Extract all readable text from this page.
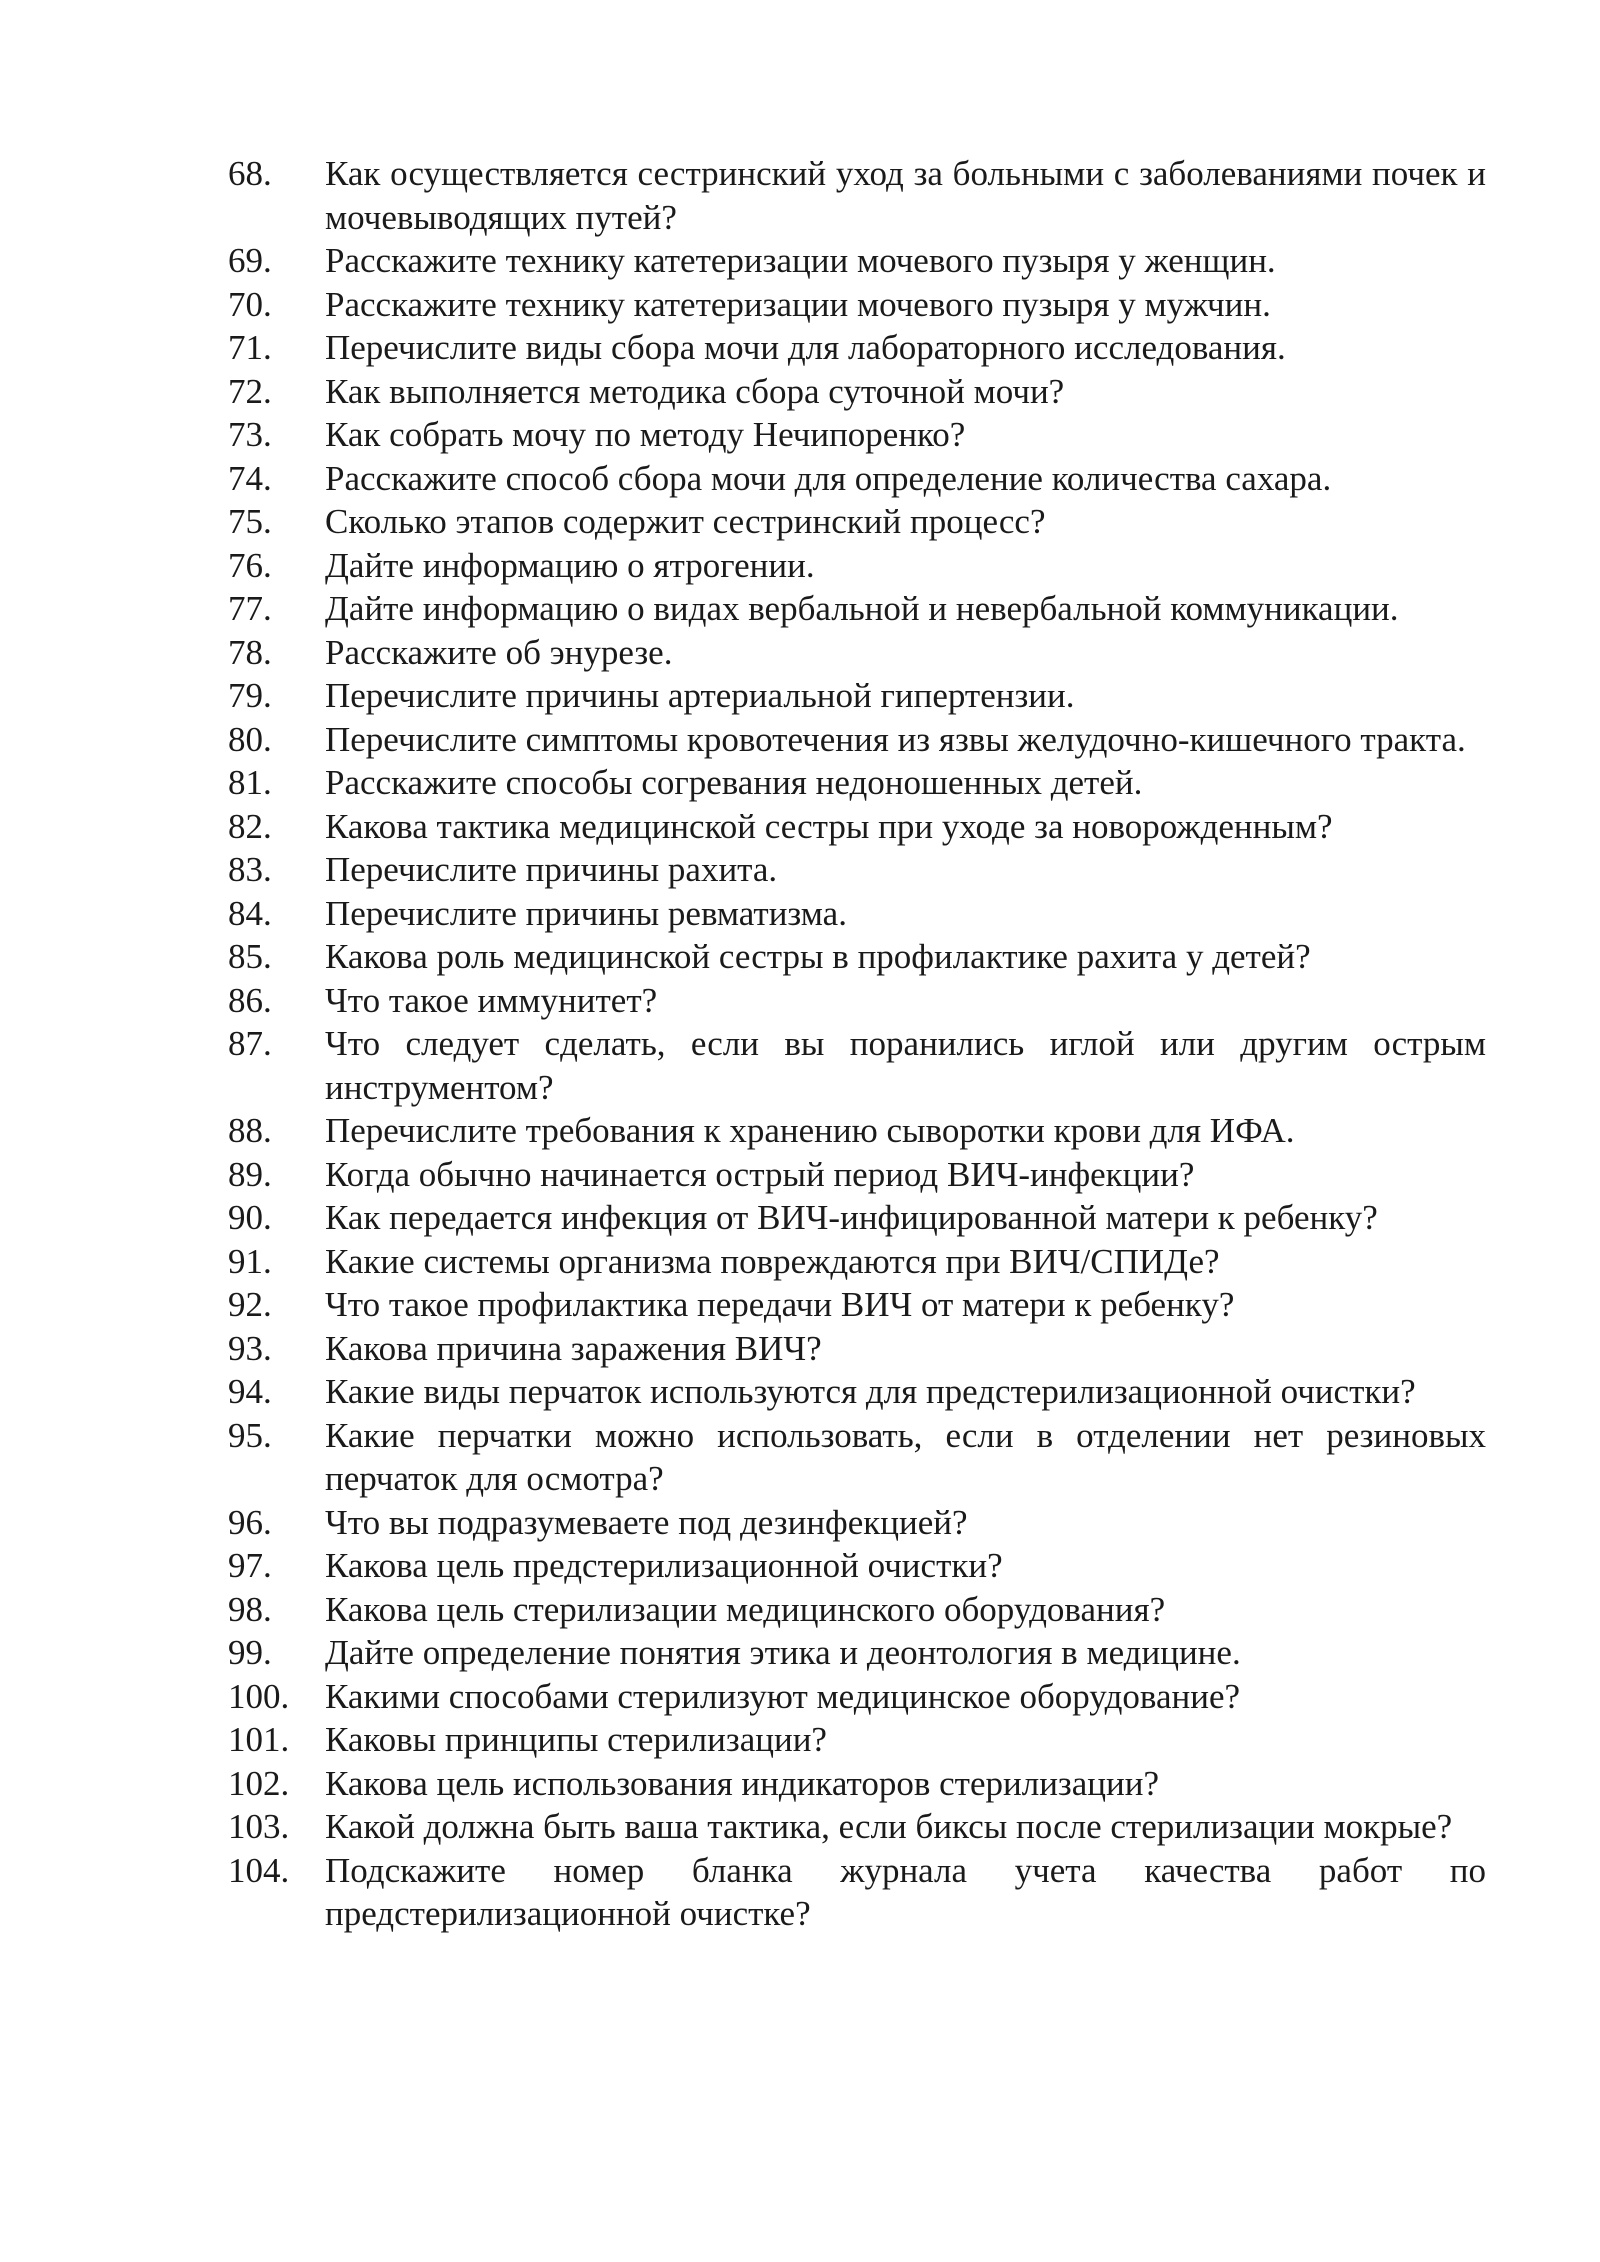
68.	Как осуществляется сестринский уход за больными с заболеваниями почек и мочевыводящих путей?
69.	Расскажите технику катетеризации мочевого пузыря у женщин.
70.	Расскажите технику катетеризации мочевого пузыря у мужчин.
71.	Перечислите виды сбора мочи для лабораторного исследования.
72.	Как выполняется методика сбора суточной мочи?
73.	Как собрать мочу по методу Нечипоренко?
74.	Расскажите способ сбора мочи для определение количества сахара.
75.	Сколько этапов содержит сестринский процесс?
76.	Дайте информацию о ятрогении.
77.	Дайте информацию о видах вербальной и невербальной коммуникации.
78.	Расскажите об энурезе.
79.	Перечислите причины артериальной гипертензии.
80.	Перечислите симптомы кровотечения из язвы желудочно-кишечного тракта.
81.	Расскажите способы согревания недоношенных детей.
82.	Какова тактика медицинской сестры при уходе за новорожденным?
83.	Перечислите причины рахита.
84.	Перечислите причины ревматизма.
85.	Какова роль медицинской сестры в профилактике рахита у детей?
86.	Что такое иммунитет?
87.	Что следует сделать, если вы поранились иглой или другим острым инструментом?
88.	Перечислите требования к хранению сыворотки крови для ИФА.
89.	Когда обычно начинается острый период ВИЧ-инфекции?
90.	Как передается инфекция от ВИЧ-инфицированной матери к ребенку?
91.	Какие системы организма повреждаются при ВИЧ/СПИДе?
92.	Что такое профилактика передачи ВИЧ от матери к ребенку?
93.	Какова причина заражения ВИЧ?
94.	Какие виды перчаток используются для предстерилизационной очистки?
95.	Какие перчатки можно использовать, если в отделении нет резиновых перчаток для осмотра?
96.	Что вы подразумеваете под дезинфекцией?
97.	Какова цель предстерилизационной очистки?
98.	Какова цель стерилизации медицинского оборудования?
99.	Дайте определение понятия этика и деонтология в медицине.
100.	Какими способами стерилизуют медицинское оборудование?
101.	Каковы принципы стерилизации?
102.	Какова цель использования индикаторов стерилизации?
103.	Какой должна быть ваша тактика, если биксы после стерилизации мокрые?
104.	Подскажите номер бланка журнала учета качества работ по предстерилизационной очистке?
